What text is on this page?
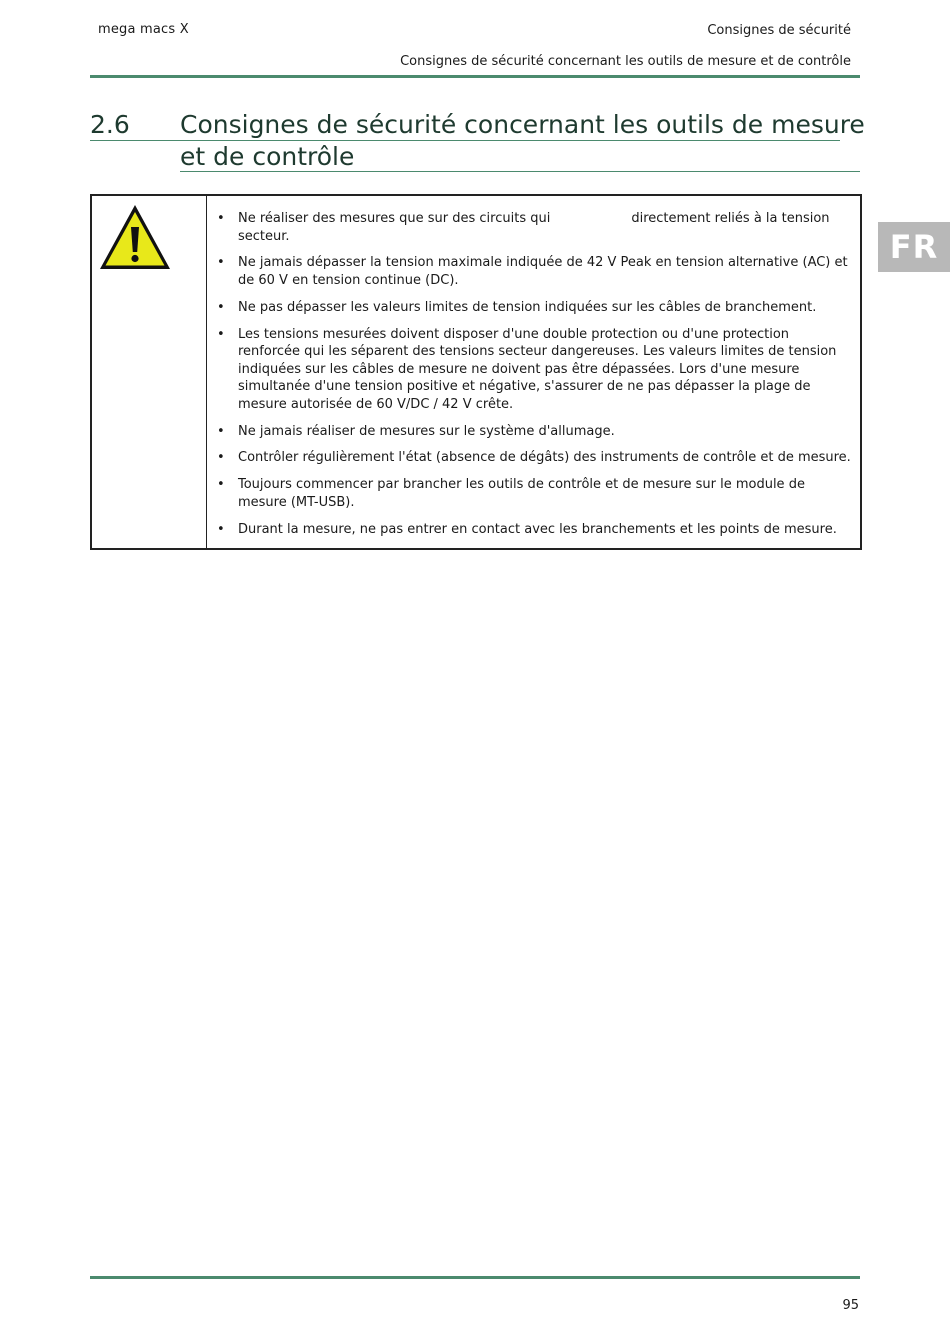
mega macs X	Consignes de sécurité
Consignes de sécurité concernant les outils de mesure et de contrôle
2.6 Consignes de sécurité concernant les outils de mesure et de contrôle
• Ne réaliser des mesures que sur des circuits qui	directement reliés à la tension secteur.
• Ne jamais dépasser la tension maximale indiquée de 42 V Peak en tension alternative (AC) et de 60 V en tension continue (DC).
• Ne pas dépasser les valeurs limites de tension indiquées sur les câbles de branchement.
• Les tensions mesurées doivent disposer d'une double protection ou d'une protection renforcée qui les séparent des tensions secteur dangereuses. Les valeurs limites de tension indiquées sur les câbles de mesure ne doivent pas être dépassées. Lors d'une mesure simultanée d'une tension positive et négative, s'assurer de ne pas dépasser la plage de mesure autorisée de 60 V/DC / 42 V crête.
• Ne jamais réaliser de mesures sur le système d'allumage.
• Contrôler régulièrement l'état (absence de dégâts) des instruments de contrôle et de mesure.
• Toujours commencer par brancher les outils de contrôle et de mesure sur le module de mesure (MT-USB).
• Durant la mesure, ne pas entrer en contact avec les branchements et les points de mesure.
FR
95
